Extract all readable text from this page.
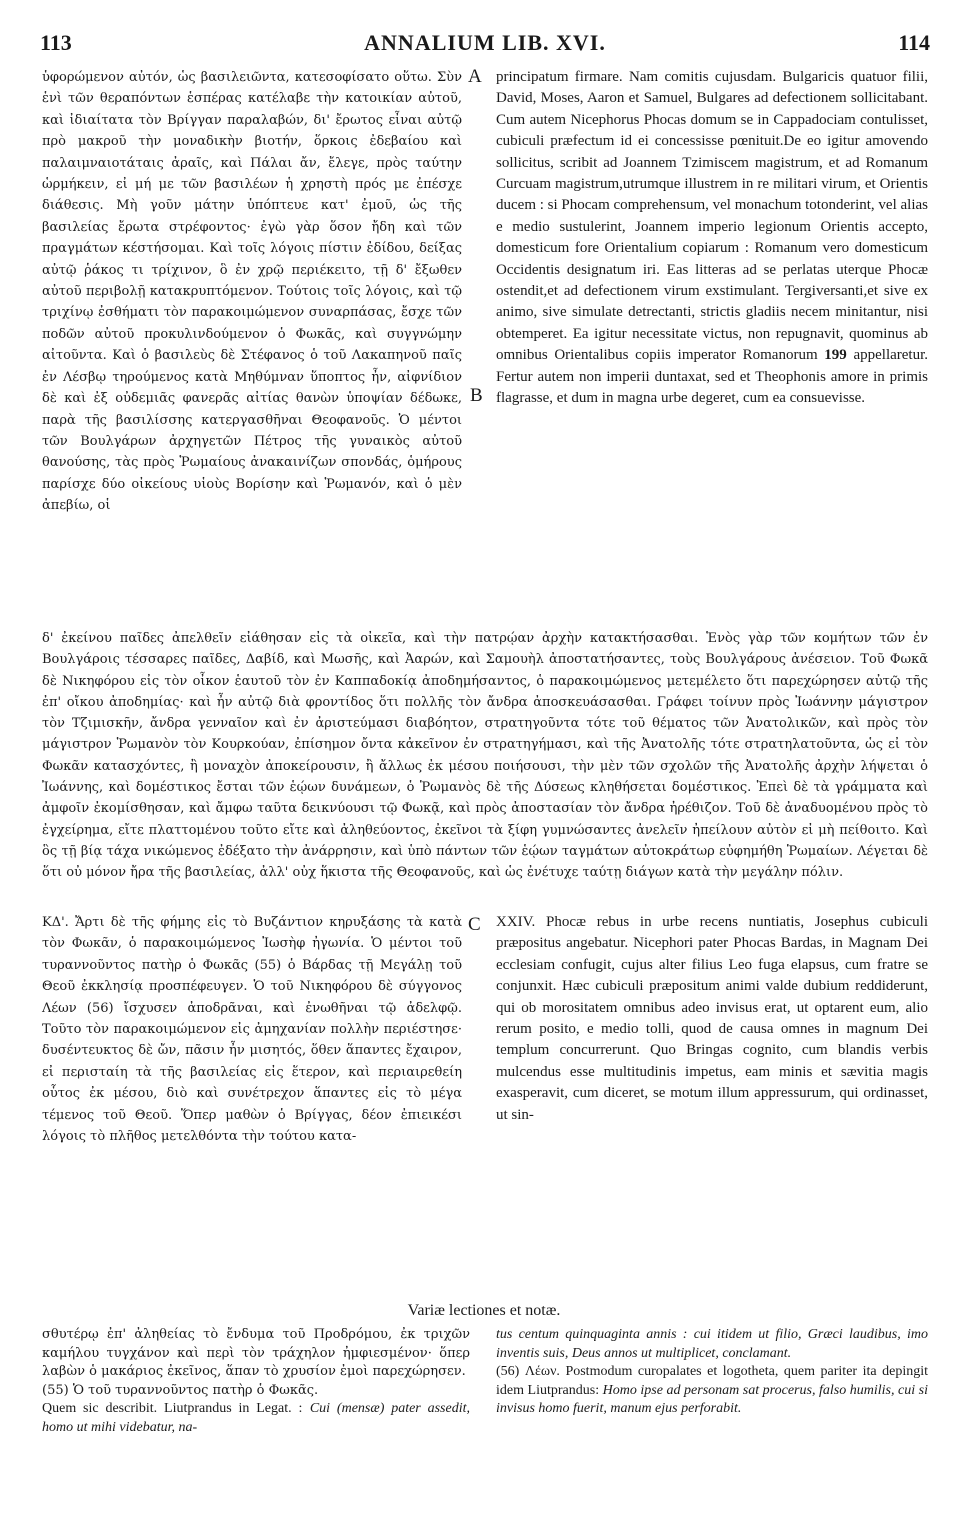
113	ANNALIUM LIB. XVI.	114

ὑφορώμενον αὐτόν, ὡς βασιλειῶντα, κατεσοφίσατο οὕτω. Σὺν ἑνὶ τῶν θεραπόντων ἑσπέρας κατέλαβε τὴν κατοικίαν αὐτοῦ, καὶ ἰδιαίτατα τὸν Βρίγγαν παραλαβών, δι' ἔρωτος εἶναι αὐτῷ πρὸ μακροῦ τὴν μοναδικὴν βιοτήν, ὅρκοις ἐδεβαίου καὶ παλαιμναιοτάταις ἀραῖς, καὶ Πάλαι ἄν, ἔλεγε, πρὸς ταύτην ὡρμήκειν, εἰ μή με τῶν βασιλέων ἡ χρηστὴ πρός με ἐπέσχε διάθεσις. Μὴ γοῦν μάτην ὑπόπτευε κατ' ἐμοῦ, ὡς τῆς βασιλείας ἔρωτα στρέφοντος· ἐγὼ γὰρ ὅσον ἤδη καὶ τῶν πραγμάτων κέστήσομαι. Καὶ τοῖς λόγοις πίστιν ἐδίδου, δείξας αὐτῷ ῥάκος τι τρίχινον, ὃ ἐν χρῷ περιέκειτο, τῇ δ' ἔξωθεν αὐτοῦ περιβολῇ κατακρυπτόμενον. Τούτοις τοῖς λόγοις, καὶ τῷ τριχίνῳ ἐσθήματι τὸν παρακοιμώμενον συναρπάσας, ἔσχε τῶν ποδῶν αὐτοῦ προκυλινδούμενον ὁ Φωκᾶς, καὶ συγγνώμην αἰτοῦντα. Καὶ ὁ βασιλεὺς δὲ Στέφανος ὁ τοῦ Λακαπηνοῦ παῖς ἐν Λέσβῳ τηρούμενος κατὰ Μηθύμναν ὕποπτος ἦν, αἰφνίδιον δὲ καὶ ἐξ οὐδεμιᾶς φανερᾶς αἰτίας θανὼν ὑποψίαν δέδωκε, παρὰ τῆς βασιλίσσης κατεργασθῆναι Θεοφανοῦς. Ὁ μέντοι τῶν Βουλγάρων ἀρχηγετῶν Πέτρος τῆς γυναικὸς αὐτοῦ θανούσης, τὰς πρὸς Ῥωμαίους ἀνακαινίζων σπονδάς, ὁμήρους παρίσχε δύο οἰκείους υἱοὺς Βορίσην καὶ Ῥωμανόν, καὶ ὁ μὲν ἀπεβίω, οἱ

A
B
C

principatum firmare. Nam comitis cujusdam. Bulgaricis quatuor filii, David, Moses, Aaron et Samuel, Bulgares ad defectionem sollicitabant. Cum autem Nicephorus Phocas domum se in Cappadociam contulisset, cubiculi præfectum id ei concessisse pœnituit.De eo igitur amovendo sollicitus, scribit ad Joannem Tzimiscem magistrum, et ad Romanum Curcuam magistrum,utrumque illustrem in re militari virum, et Orientis ducem : si Phocam comprehensum, vel monachum totonderint, vel alias e medio sustulerint, Joannem imperio legionum Orientis accepto, domesticum fore Orientalium copiarum : Romanum vero domesticum Occidentis designatum iri. Eas litteras ad se perlatas uterque Phocæ ostendit,et ad defectionem virum exstimulant. Tergiversanti,et sive ex animo, sive simulate detrectanti, strictis gladiis necem minitantur, nisi obtemperet. Ea igitur necessitate victus, non repugnavit, quominus ab omnibus Orientalibus copiis imperator Romanorum 199 appellaretur. Fertur autem non imperii duntaxat, sed et Theophonis amore in primis flagrasse, et dum in magna urbe degeret, cum ea consuevisse.

δ' ἐκείνου παῖδες ἀπελθεῖν εἰάθησαν εἰς τὰ οἰκεῖα, καὶ τὴν πατρῴαν ἀρχὴν κατακτήσασθαι. Ἑνὸς γὰρ τῶν κομήτων τῶν ἐν Βουλγάροις τέσσαρες παῖδες, Δαβίδ, καὶ Μωσῆς, καὶ Ἀαρών, καὶ Σαμουὴλ ἀποστατήσαντες, τοὺς Βουλγάρους ἀνέσειον. Τοῦ Φωκᾶ δὲ Νικηφόρου εἰς τὸν οἶκον ἑαυτοῦ τὸν ἐν Καππαδοκίᾳ ἀποδημήσαντος, ὁ παρακοιμώμενος μετεμέλετο ὅτι παρεχώρησεν αὐτῷ τῆς ἐπ' οἴκου ἀποδημίας· καὶ ἦν αὐτῷ διὰ φροντίδος ὅτι πολλῆς τὸν ἄνδρα ἀποσκευάσασθαι. Γράφει τοίνυν πρὸς Ἰωάννην μάγιστρον τὸν Τζιμισκῆν, ἄνδρα γενναῖον καὶ ἐν ἀριστεύμασι διαβόητον, στρατηγοῦντα τότε τοῦ θέματος τῶν Ἀνατολικῶν, καὶ πρὸς τὸν μάγιστρον Ῥωμανὸν τὸν Κουρκούαν, ἐπίσημον ὄντα κἀκεῖνον ἐν στρατηγήμασι, καὶ τῆς Ἀνατολῆς τότε στρατηλατοῦντα, ὡς εἰ τὸν Φωκᾶν κατασχόντες, ἢ μοναχὸν ἀποκείρουσιν, ἢ ἄλλως ἐκ μέσου ποιήσουσι, τὴν μὲν τῶν σχολῶν τῆς Ἀνατολῆς ἀρχὴν λήψεται ὁ Ἰωάννης, καὶ δομέστικος ἔσται τῶν ἑῴων δυνάμεων, ὁ Ῥωμανὸς δὲ τῆς Δύσεως κληθήσεται δομέστικος. Ἐπεὶ δὲ τὰ γράμματα καὶ ἀμφοῖν ἐκομίσθησαν, καὶ ἄμφω ταῦτα δεικνύουσι τῷ Φωκᾷ, καὶ πρὸς ἀποστασίαν τὸν ἄνδρα ἠρέθιζον. Τοῦ δὲ ἀναδυομένου πρὸς τὸ ἐγχείρημα, εἴτε πλαττομένου τοῦτο εἴτε καὶ ἀληθεύοντος, ἐκεῖνοι τὰ ξίφη γυμνώσαντες ἀνελεῖν ἠπείλουν αὐτὸν εἰ μὴ πείθοιτο. Καὶ ὃς τῇ βίᾳ τάχα νικώμενος ἐδέξατο τὴν ἀνάρρησιν, καὶ ὑπὸ πάντων τῶν ἑῴων ταγμάτων αὐτοκράτωρ εὐφημήθη Ῥωμαίων. Λέγεται δὲ ὅτι οὐ μόνον ἤρα τῆς βασιλείας, ἀλλ' οὐχ ἥκιστα τῆς Θεοφανοῦς, καὶ ὡς ἐνέτυχε ταύτῃ διάγων κατὰ τὴν μεγάλην πόλιν.

ΚΔ'. Ἄρτι δὲ τῆς φήμης εἰς τὸ Βυζάντιον κηρυξάσης τὰ κατὰ τὸν Φωκᾶν, ὁ παρακοιμώμενος Ἰωσὴφ ἠγωνία. Ὁ μέντοι τοῦ τυραννοῦντος πατὴρ ὁ Φωκᾶς (55) ὁ Βάρδας τῇ Μεγάλῃ τοῦ Θεοῦ ἐκκλησίᾳ προσπέφευγεν. Ὁ τοῦ Νικηφόρου δὲ σύγγονος Λέων (56) ἴσχυσεν ἀποδρᾶναι, καὶ ἐνωθῆναι τῷ ἀδελφῷ. Τοῦτο τὸν παρακοιμώμενον εἰς ἀμηχανίαν πολλὴν περιέστησε· δυσέντευκτος δὲ ὤν, πᾶσιν ἦν μισητός, ὅθεν ἅπαντες ἔχαιρον, εἰ περισταίη τὰ τῆς βασιλείας εἰς ἕτερον, καὶ περιαιρεθείη οὗτος ἐκ μέσου, διὸ καὶ συνέτρεχον ἅπαντες εἰς τὸ μέγα τέμενος τοῦ Θεοῦ. Ὅπερ μαθὼν ὁ Βρίγγας, δέον ἐπιεικέσι λόγοις τὸ πλῆθος μετελθόντα τὴν τούτου κατα-

XXIV. Phocæ rebus in urbe recens nuntiatis, Josephus cubiculi præpositus angebatur. Nicephori pater Phocas Bardas, in Magnam Dei ecclesiam confugit, cujus alter filius Leo fuga elapsus, cum fratre se conjunxit. Hæc cubiculi præpositum animi valde dubium reddiderunt, qui ob morositatem omnibus adeo invisus erat, ut optarent eum, alio rerum posito, e medio tolli, quod de causa omnes in magnum Dei templum concurrerunt. Quo Bringas cognito, cum blandis verbis mulcendus esse multitudinis impetus, eam minis et sævitia magis exasperavit, cum diceret, se motum illum appressurum, qui ordinasset, ut sin-

Variæ lectiones et notæ.
σθυτέρῳ ἐπ' ἀληθείας τὸ ἔνδυμα τοῦ Προδρόμου, ἐκ τριχῶν καμήλου τυγχάνον καὶ περὶ τὸν τράχηλον ἠμφιεσμένον· ὅπερ λαβὼν ὁ μακάριος ἐκεῖνος, ἅπαν τὸ χρυσίον ἐμοὶ παρεχώρησεν.
(55) Ὁ τοῦ τυραννοῦντος πατὴρ ὁ Φωκᾶς.
Quem sic describit. Liutprandus in Legat. : Cui (mensæ) pater assedit, homo ut mihi videbatur, na-
tus centum quinquaginta annis : cui itidem ut filio, Græci laudibus, imo inventis suis, Deus annos ut multiplicet, conclamant.
(56) Λέων. Postmodum curopalates et logotheta, quem pariter ita depingit idem Liutprandus: Homo ipse ad personam sat procerus, falso humilis, cui si invisus homo fuerit, manum ejus perforabit.
